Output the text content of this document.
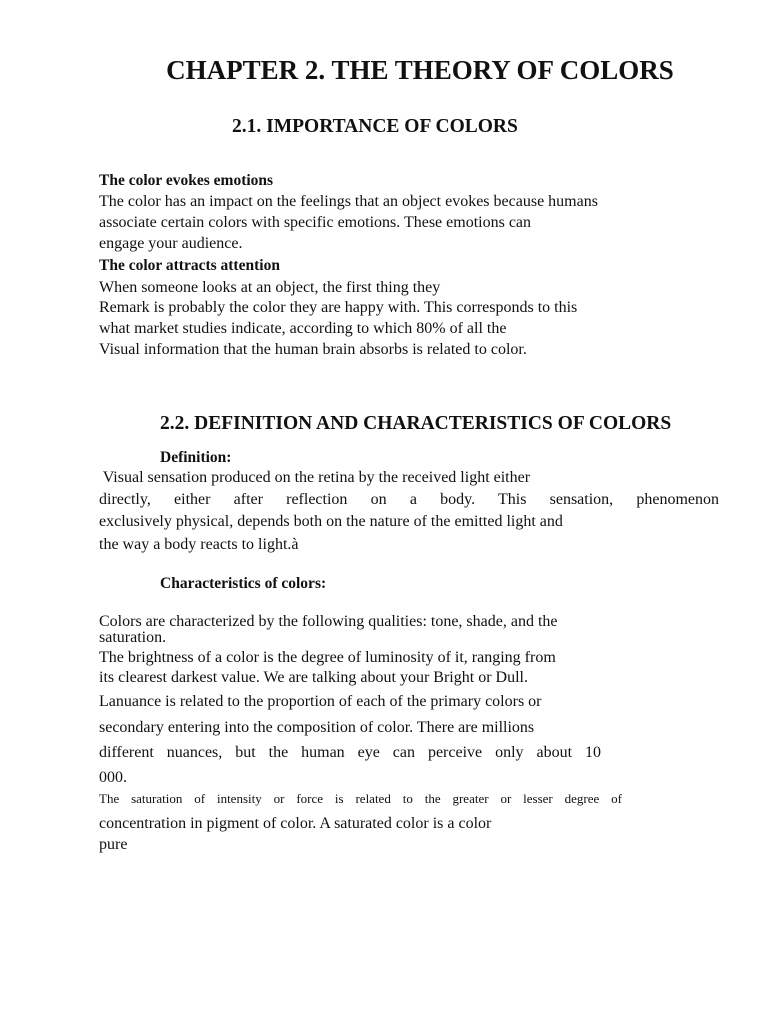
CHAPTER 2. THE THEORY OF COLORS
2.1. IMPORTANCE OF COLORS
The color evokes emotions
The color has an impact on the feelings that an object evokes because humans
associate certain colors with specific emotions. These emotions can
engage your audience.
The color attracts attention
When someone looks at an object, the first thing they
Remark is probably the color they are happy with. This corresponds to this
what market studies indicate, according to which 80% of all the
Visual information that the human brain absorbs is related to color.
2.2. DEFINITION AND CHARACTERISTICS OF COLORS
Definition:
Visual sensation produced on the retina by the received light either
directly, either after reflection on a body. This sensation, phenomenon
exclusively physical, depends both on the nature of the emitted light and
the way a body reacts to light.à
Characteristics of colors:
Colors are characterized by the following qualities: tone, shade, and the
saturation.
The brightness of a color is the degree of luminosity of it, ranging from
its clearest darkest value. We are talking about your Bright or Dull.
Lanuance is related to the proportion of each of the primary colors or
secondary entering into the composition of color. There are millions
different nuances, but the human eye can perceive only about 10
000.
The saturation of intensity or force is related to the greater or lesser degree of
concentration in pigment of color. A saturated color is a color
pure
